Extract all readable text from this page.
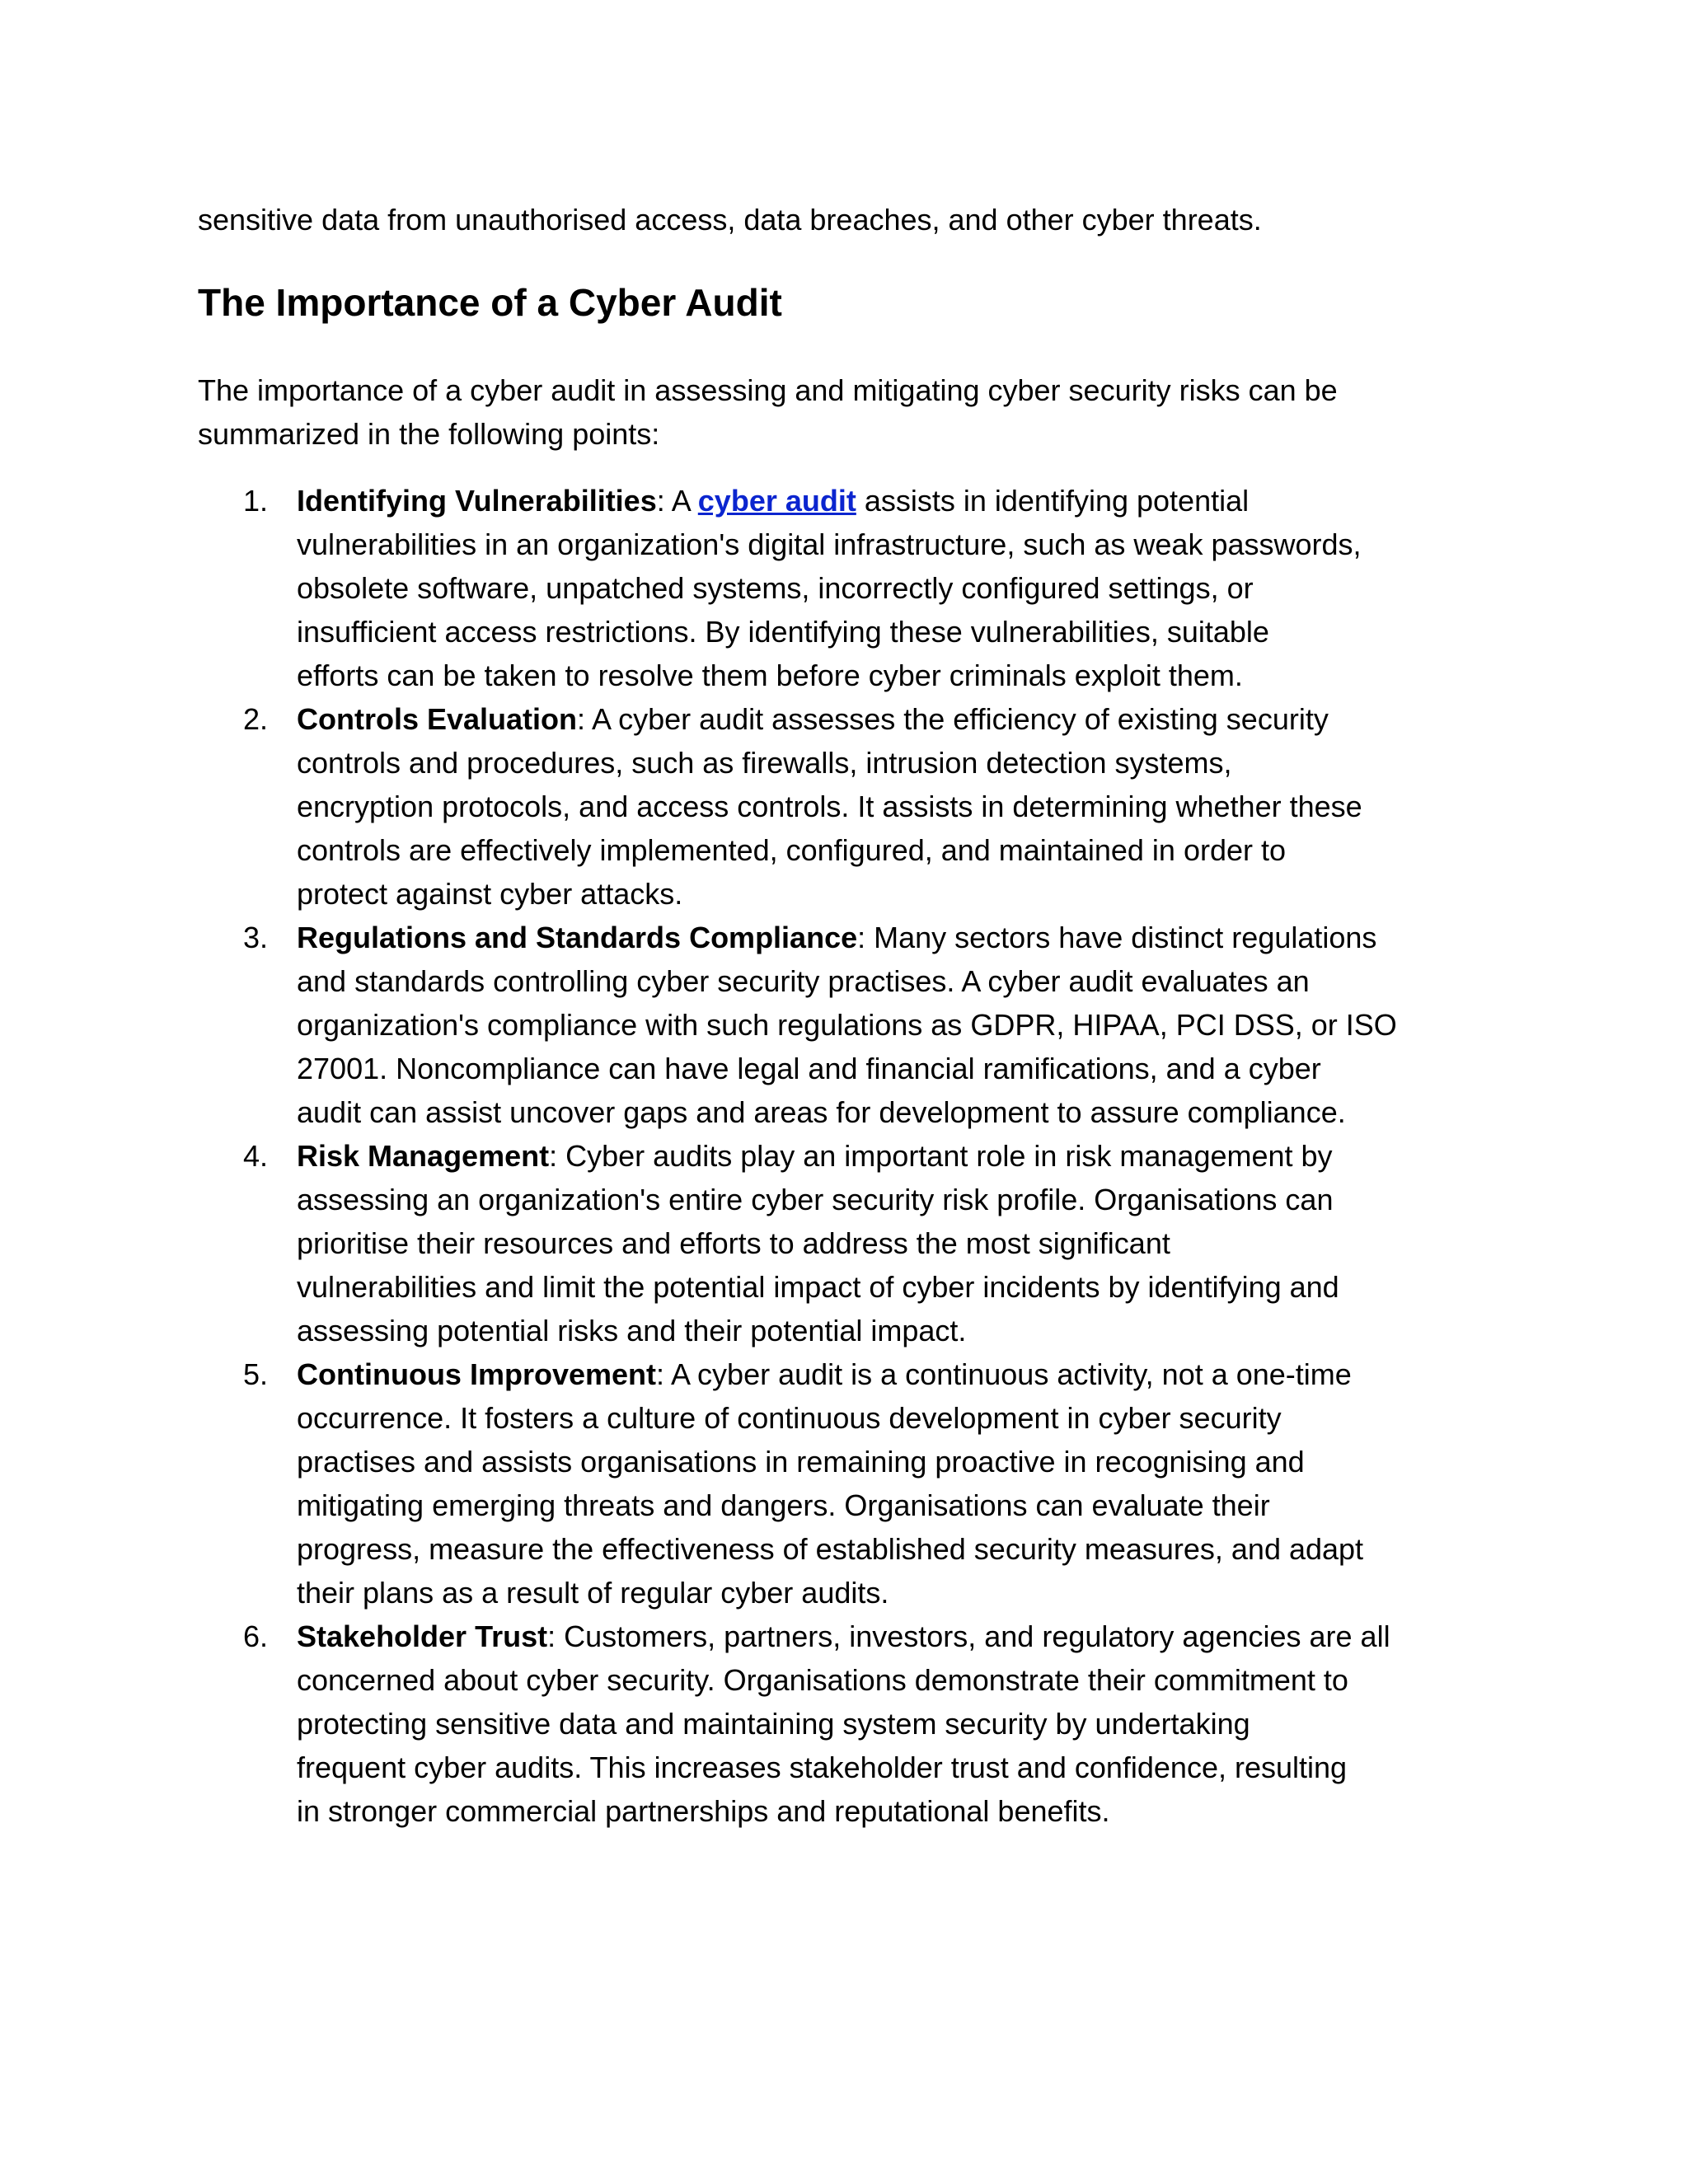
sensitive data from unauthorised access, data breaches, and other cyber threats.

The Importance of a Cyber Audit

The importance of a cyber audit in assessing and mitigating cyber security risks can be
summarized in the following points:

1. Identifying Vulnerabilities: A cyber audit assists in identifying potential
vulnerabilities in an organization's digital infrastructure, such as weak passwords,
obsolete software, unpatched systems, incorrectly configured settings, or
insufficient access restrictions. By identifying these vulnerabilities, suitable
efforts can be taken to resolve them before cyber criminals exploit them.
2. Controls Evaluation: A cyber audit assesses the efficiency of existing security
controls and procedures, such as firewalls, intrusion detection systems,
encryption protocols, and access controls. It assists in determining whether these
controls are effectively implemented, configured, and maintained in order to
protect against cyber attacks.
3. Regulations and Standards Compliance: Many sectors have distinct regulations
and standards controlling cyber security practises. A cyber audit evaluates an
organization's compliance with such regulations as GDPR, HIPAA, PCI DSS, or ISO
27001. Noncompliance can have legal and financial ramifications, and a cyber
audit can assist uncover gaps and areas for development to assure compliance.
4. Risk Management: Cyber audits play an important role in risk management by
assessing an organization's entire cyber security risk profile. Organisations can
prioritise their resources and efforts to address the most significant
vulnerabilities and limit the potential impact of cyber incidents by identifying and
assessing potential risks and their potential impact.
5. Continuous Improvement: A cyber audit is a continuous activity, not a one-time
occurrence. It fosters a culture of continuous development in cyber security
practises and assists organisations in remaining proactive in recognising and
mitigating emerging threats and dangers. Organisations can evaluate their
progress, measure the effectiveness of established security measures, and adapt
their plans as a result of regular cyber audits.
6. Stakeholder Trust: Customers, partners, investors, and regulatory agencies are all
concerned about cyber security. Organisations demonstrate their commitment to
protecting sensitive data and maintaining system security by undertaking
frequent cyber audits. This increases stakeholder trust and confidence, resulting
in stronger commercial partnerships and reputational benefits.
